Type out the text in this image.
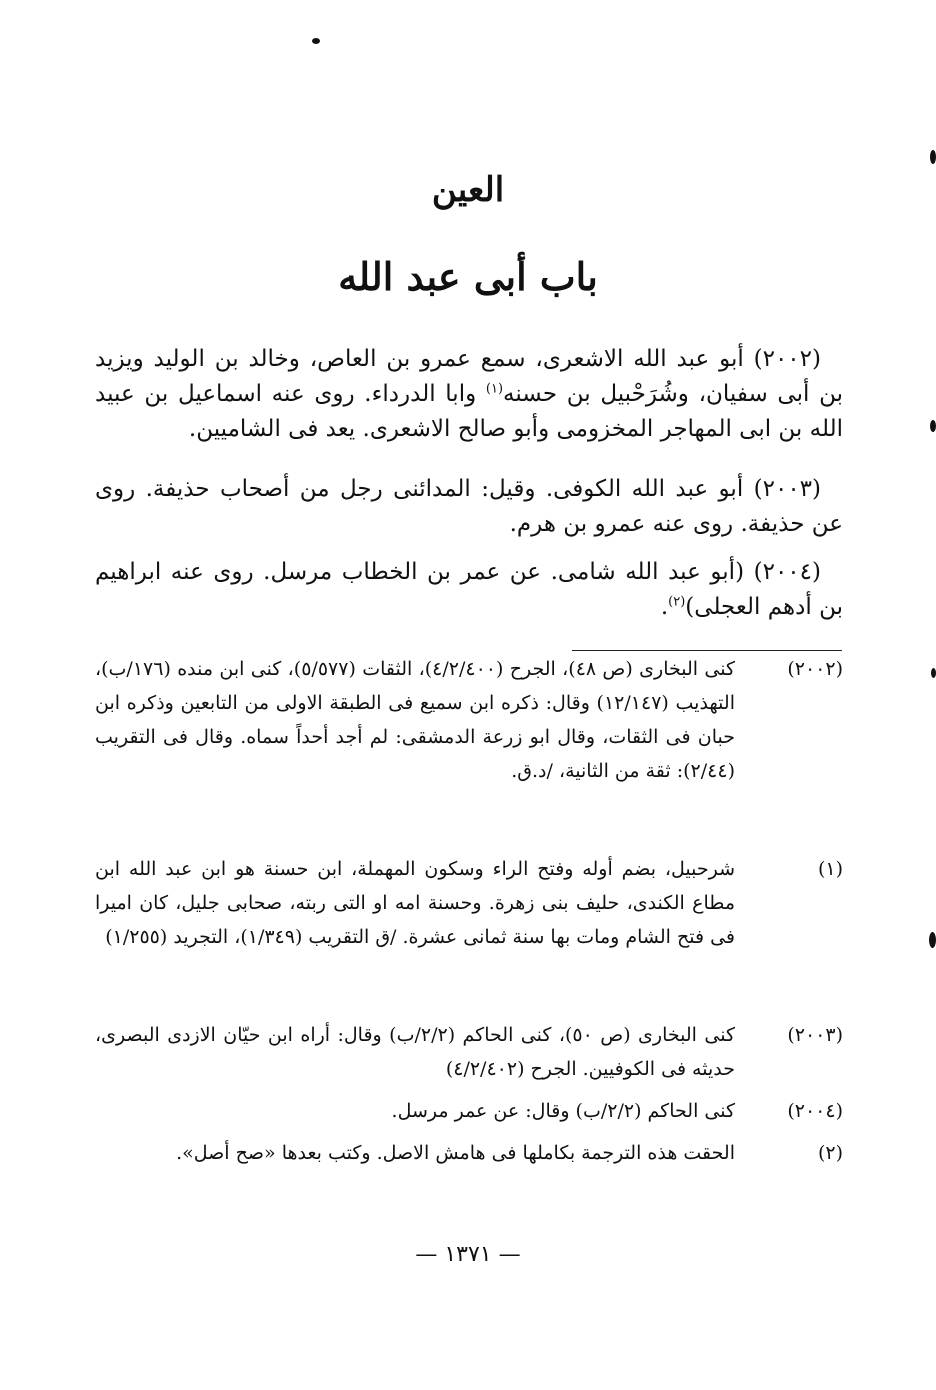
العين
باب أبى عبد الله
(٢٠٠٢) أبو عبد الله الاشعرى، سمع عمرو بن العاص، وخالد بن الوليد ويزيد بن أبى سفيان، وشُرَحْبيل بن حسنه$^{(١)}$ وابا الدرداء. روى عنه اسماعيل بن عبيد الله بن ابى المهاجر المخزومى وأبو صالح الاشعرى. يعد فى الشاميين.
(٢٠٠٣) أبو عبد الله الكوفى. وقيل: المدائنى رجل من أصحاب حذيفة. روى عن حذيفة. روى عنه عمرو بن هرم.
(٢٠٠٤) (أبو عبد الله شامى. عن عمر بن الخطاب مرسل. روى عنه ابراهيم بن أدهم العجلى)$^{(٢)}$.
(٢٠٠٢)
كنى البخارى (ص ٤٨)، الجرح (٤/٢/٤٠٠)، الثقات (٥/٥٧٧)، كنى ابن منده (١٧٦/ب)، التهذيب (١٢/١٤٧) وقال: ذكره ابن سميع فى الطبقة الاولى من التابعين وذكره ابن حبان فى الثقات، وقال ابو زرعة الدمشقى: لم أجد أحداً سماه. وقال فى التقريب (٢/٤٤): ثقة من الثانية، /د.ق.
(١)
شرحبيل، بضم أوله وفتح الراء وسكون المهملة، ابن حسنة هو ابن عبد الله ابن مطاع الكندى، حليف بنى زهرة. وحسنة امه او التى ربته، صحابى جليل، كان اميرا فى فتح الشام ومات بها سنة ثمانى عشرة. /ق التقريب (١/٣٤٩)، التجريد (١/٢٥٥)
(٢٠٠٣)
كنى البخارى (ص ٥٠)، كنى الحاكم (٢/٢/ب) وقال: أراه ابن حيّان الازدى البصرى، حديثه فى الكوفيين. الجرح (٤/٢/٤٠٢)
(٢٠٠٤)
كنى الحاكم (٢/٢/ب) وقال: عن عمر مرسل.
(٢)
الحقت هذه الترجمة بكاملها فى هامش الاصل. وكتب بعدها «صح أصل».
— ١٣٧١ —
